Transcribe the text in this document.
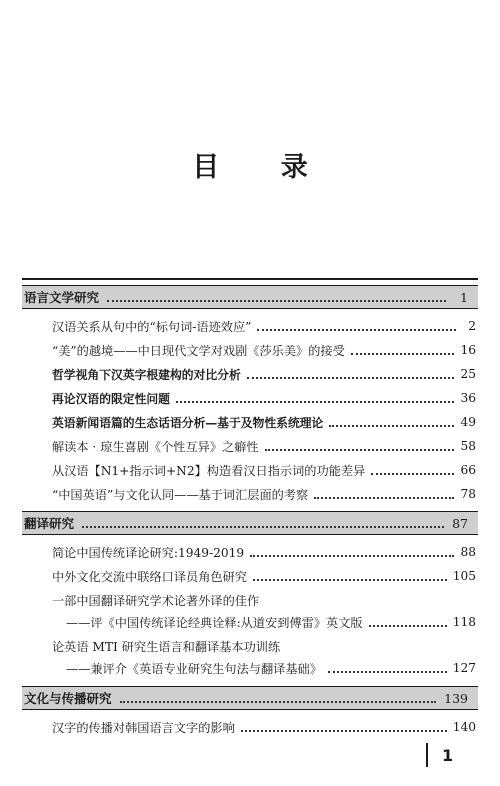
目 录
语言文学研究	1
汉语关系从句中的“标句词-语迹效应”	2
“美”的越境——中日现代文学对戏剧《莎乐美》的接受	16
哲学视角下汉英字根建构的对比分析	25
再论汉语的限定性问题	36
英语新闻语篇的生态话语分析—基于及物性系统理论	49
解读本 · 琼生喜剧《个性互异》之癖性	58
从汉语【N1+指示词+N2】构造看汉日指示词的功能差异	66
“中国英语”与文化认同——基于词汇层面的考察	78
翻译研究	87
简论中国传统译论研究:1949-2019	88
中外文化交流中联络口译员角色研究	105
一部中国翻译研究学术论著外译的佳作
——评《中国传统译论经典诠释:从道安到傅雷》英文版	118
论英语 MTI 研究生语言和翻译基本功训练
——兼评介《英语专业研究生句法与翻译基础》	127
文化与传播研究	139
汉字的传播对韩国语言文字的影响	140
1
